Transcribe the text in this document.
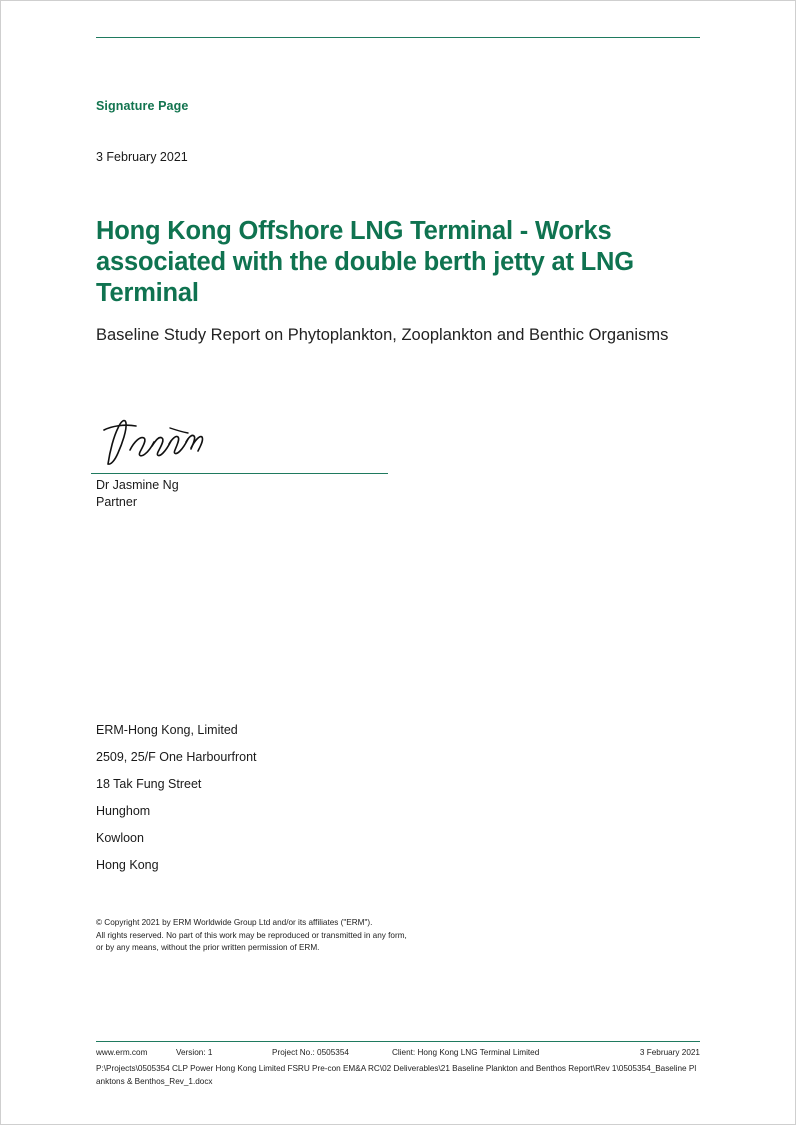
Signature Page
3 February 2021
Hong Kong Offshore LNG Terminal - Works associated with the double berth jetty at LNG Terminal
Baseline Study Report on Phytoplankton, Zooplankton and Benthic Organisms
Dr Jasmine Ng
Partner
ERM-Hong Kong, Limited
2509, 25/F One Harbourfront
18 Tak Fung Street
Hunghom
Kowloon
Hong Kong
© Copyright 2021 by ERM Worldwide Group Ltd and/or its affiliates ("ERM").
All rights reserved. No part of this work may be reproduced or transmitted in any form,
or by any means, without the prior written permission of ERM.
www.erm.com	Version: 1	Project No.: 0505354	Client: Hong Kong LNG Terminal Limited	3 February 2021
P:\Projects\0505354 CLP Power Hong Kong Limited FSRU Pre-con EM&A RC\02 Deliverables\21 Baseline Plankton and Benthos Report\Rev 1\0505354_Baseline Planktons & Benthos_Rev_1.docx
